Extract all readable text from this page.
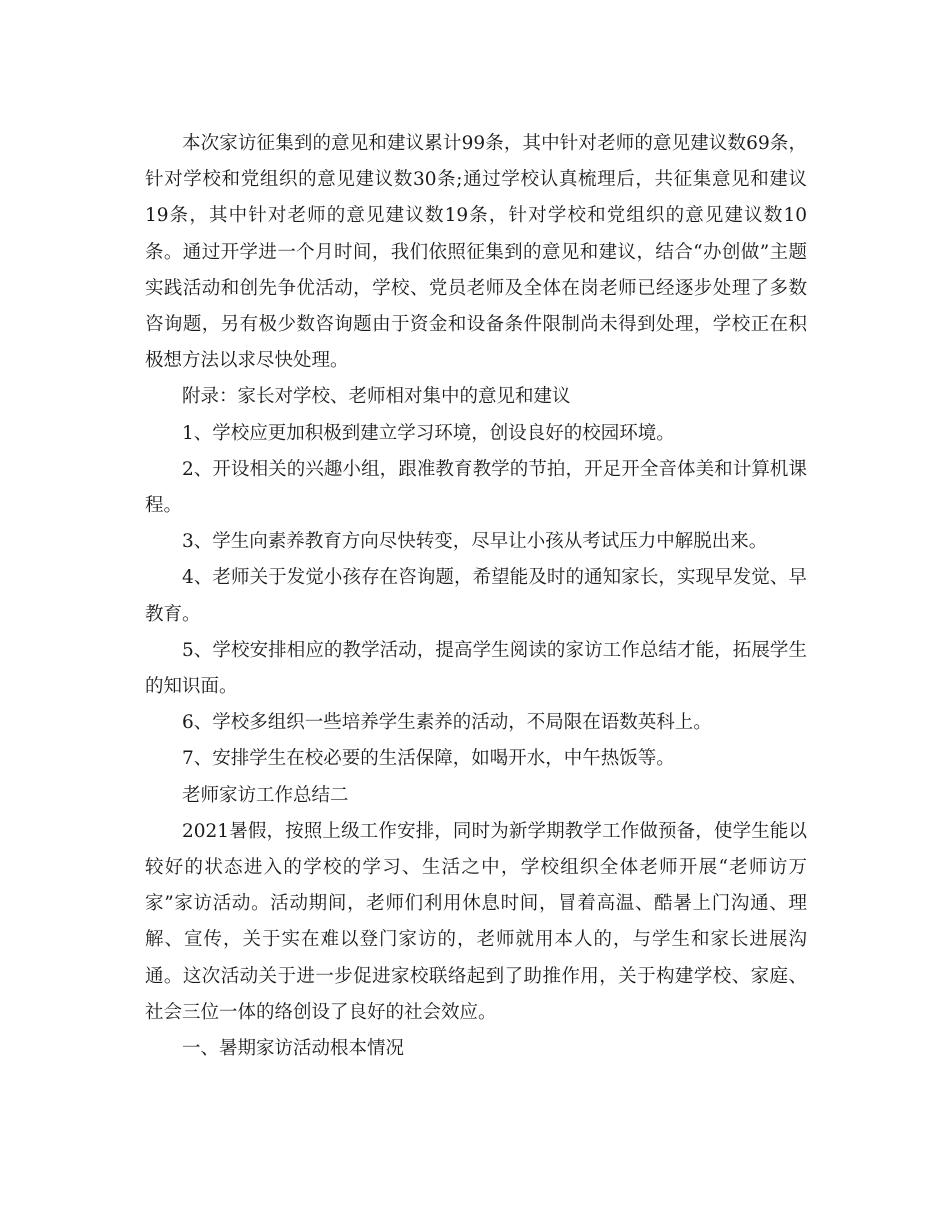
本次家访征集到的意见和建议累计99条，其中针对老师的意见建议数69条，针对学校和党组织的意见建议数30条;通过学校认真梳理后，共征集意见和建议19条，其中针对老师的意见建议数19条，针对学校和党组织的意见建议数10条。通过开学进一个月时间，我们依照征集到的意见和建议，结合“办创做”主题实践活动和创先争优活动，学校、党员老师及全体在岗老师已经逐步处理了多数咨询题，另有极少数咨询题由于资金和设备条件限制尚未得到处理，学校正在积极想方法以求尽快处理。

附录：家长对学校、老师相对集中的意见和建议

1、学校应更加积极到建立学习环境，创设良好的校园环境。

2、开设相关的兴趣小组，跟准教育教学的节拍，开足开全音体美和计算机课程。

3、学生向素养教育方向尽快转变，尽早让小孩从考试压力中解脱出来。

4、老师关于发觉小孩存在咨询题，希望能及时的通知家长，实现早发觉、早教育。

5、学校安排相应的教学活动，提高学生阅读的家访工作总结才能，拓展学生的知识面。

6、学校多组织一些培养学生素养的活动，不局限在语数英科上。

7、安排学生在校必要的生活保障，如喝开水，中午热饭等。

老师家访工作总结二

2021暑假，按照上级工作安排，同时为新学期教学工作做预备，使学生能以较好的状态进入的学校的学习、生活之中，学校组织全体老师开展“老师访万家”家访活动。活动期间，老师们利用休息时间，冒着高温、酷暑上门沟通、理解、宣传，关于实在难以登门家访的，老师就用本人的，与学生和家长进展沟通。这次活动关于进一步促进家校联络起到了助推作用，关于构建学校、家庭、社会三位一体的络创设了良好的社会效应。

一、暑期家访活动根本情况
